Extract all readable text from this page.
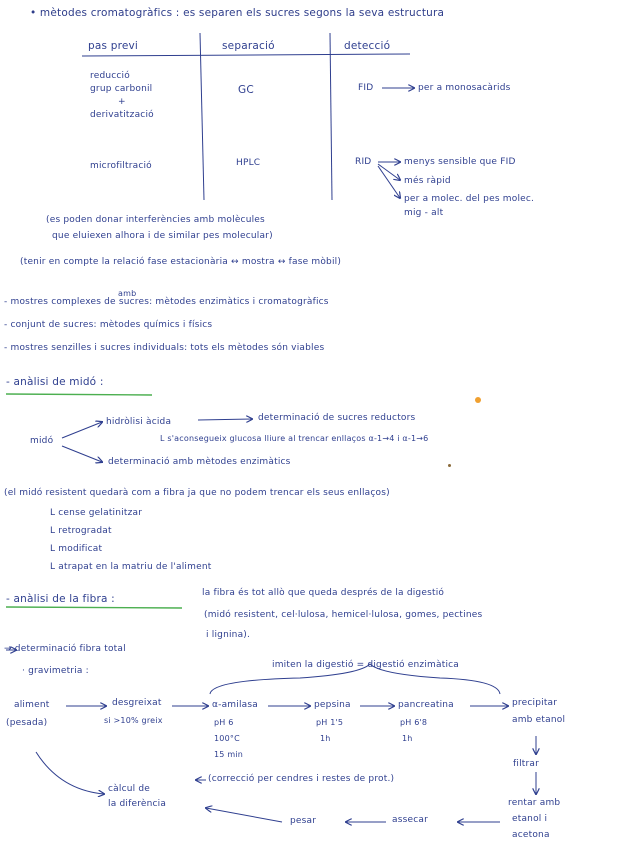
• mètodes cromatogràfics : es separen els sucres segons la seva estructura
pas previ	separació	detecció
reducció
grup carbonil
+
derivatització
GC	FID	per a monosacàrids
microfiltració	HPLC	RID	menys sensible que FID
més ràpid
per a molec. del pes molec.
mig - alt
(es poden donar interferències amb molècules
que eluiexen alhora i de similar pes molecular)
(tenir en compte la relació fase estacionària ↔ mostra ↔ fase mòbil)
amb
- mostres complexes de sucres: mètodes enzimàtics i cromatogràfics
- conjunt de sucres: mètodes químics i físics
- mostres senzilles i sucres individuals: tots els mètodes són viables
- anàlisi de midó :
midó
hidròlisi àcida	determinació de sucres reductors
L s'aconsegueix glucosa lliure al trencar enllaços α-1→4 i α-1→6
determinació amb mètodes enzimàtics
(el midó resistent quedarà com a fibra ja que no podem trencar els seus enllaços)
L cense gelatinitzar
L retrogradat
L modificat
L atrapat en la matriu de l'aliment
- anàlisi de la fibra :	la fibra és tot allò que queda després de la digestió
(midó resistent, cel·lulosa, hemicel·lulosa, gomes, pectines
i lignina).
→ determinació fibra total
· gravimetria :
imiten la digestió = digestió enzimàtica
aliment
(pesada)
desgreixat
si >10% greix
α-amilasa
pH 6
100°C
15 min
pepsina
pH 1'5
1h
pancreatina
pH 6'8
1h
precipitar
amb etanol
filtrar
rentar amb
etanol i
acetona
assecar
pesar
càlcul de
la diferència
(correcció per cendres i restes de prot.)
